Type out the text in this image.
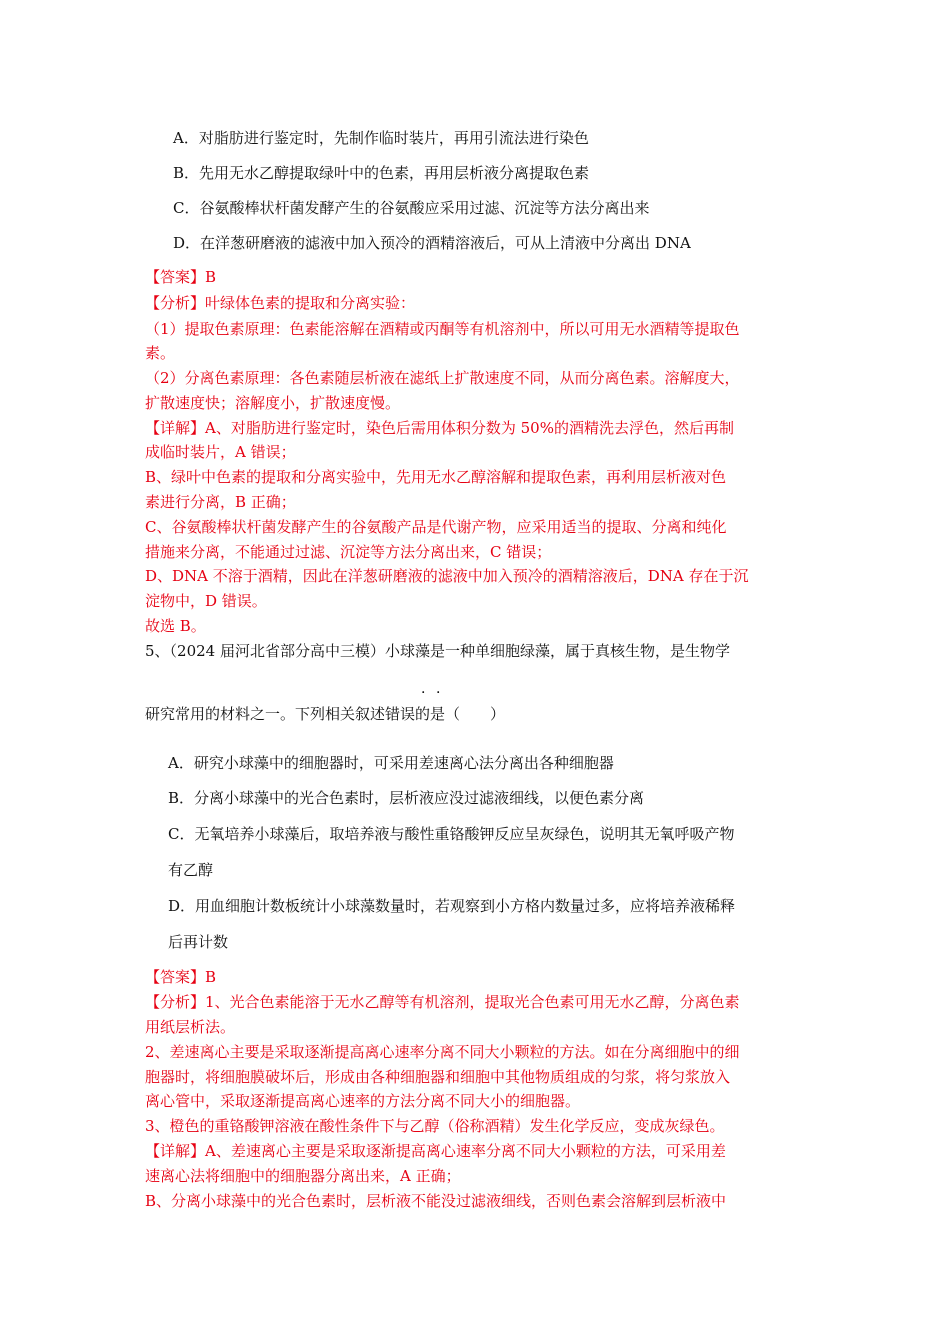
A．对脂肪进行鉴定时，先制作临时装片，再用引流法进行染色
B．先用无水乙醇提取绿叶中的色素，再用层析液分离提取色素
C．谷氨酸棒状杆菌发酵产生的谷氨酸应采用过滤、沉淀等方法分离出来
D．在洋葱研磨液的滤液中加入预冷的酒精溶液后，可从上清液中分离出 DNA
【答案】B
【分析】叶绿体色素的提取和分离实验：
（1）提取色素原理：色素能溶解在酒精或丙酮等有机溶剂中，所以可用无水酒精等提取色
素。
（2）分离色素原理：各色素随层析液在滤纸上扩散速度不同，从而分离色素。溶解度大，
扩散速度快；溶解度小，扩散速度慢。
【详解】A、对脂肪进行鉴定时，染色后需用体积分数为 50%的酒精洗去浮色，然后再制
成临时装片，A 错误；
B、绿叶中色素的提取和分离实验中，先用无水乙醇溶解和提取色素，再利用层析液对色
素进行分离，B 正确；
C、谷氨酸棒状杆菌发酵产生的谷氨酸产品是代谢产物，应采用适当的提取、分离和纯化
措施来分离，不能通过过滤、沉淀等方法分离出来，C 错误；
D、DNA 不溶于酒精，因此在洋葱研磨液的滤液中加入预冷的酒精溶液后，DNA 存在于沉
淀物中，D 错误。
故选 B。
5、（2024 届河北省部分高中三模）小球藻是一种单细胞绿藻，属于真核生物，是生物学
· ·
研究常用的材料之一。下列相关叙述错误的是（　　）
A．研究小球藻中的细胞器时，可采用差速离心法分离出各种细胞器
B．分离小球藻中的光合色素时，层析液应没过滤液细线，以便色素分离
C．无氧培养小球藻后，取培养液与酸性重铬酸钾反应呈灰绿色，说明其无氧呼吸产物
有乙醇
D．用血细胞计数板统计小球藻数量时，若观察到小方格内数量过多，应将培养液稀释
后再计数
【答案】B
【分析】1、光合色素能溶于无水乙醇等有机溶剂，提取光合色素可用无水乙醇，分离色素
用纸层析法。
2、差速离心主要是采取逐渐提高离心速率分离不同大小颗粒的方法。如在分离细胞中的细
胞器时，将细胞膜破坏后，形成由各种细胞器和细胞中其他物质组成的匀浆，将匀浆放入
离心管中，采取逐渐提高离心速率的方法分离不同大小的细胞器。
3、橙色的重铬酸钾溶液在酸性条件下与乙醇（俗称酒精）发生化学反应，变成灰绿色。
【详解】A、差速离心主要是采取逐渐提高离心速率分离不同大小颗粒的方法，可采用差
速离心法将细胞中的细胞器分离出来，A 正确；
B、分离小球藻中的光合色素时，层析液不能没过滤液细线，否则色素会溶解到层析液中
